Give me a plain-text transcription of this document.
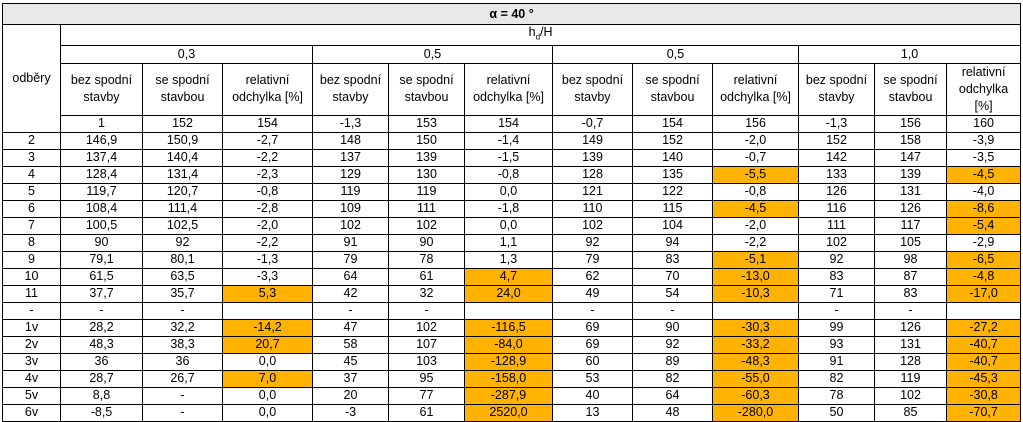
α = 40 °													
odběry	$h_d/H$												
	0,3			0,5			0,5			1,0			
	bez spodní stavby	se spodní stavbou	relativní odchylka [%]	bez spodní stavby	se spodní stavbou	relativní odchylka [%]	bez spodní stavby	se spodní stavbou	relativní odchylka [%]	bez spodní stavby	se spodní stavbou	relativní odchylka [%]	
	1	152	154	-1,3	153	154	-0,7	154	156	-1,3	156	160	
2	146,9	150,9	-2,7	148	150	-1,4	149	152	-2,0	152	158	-3,9	
3	137,4	140,4	-2,2	137	139	-1,5	139	140	-0,7	142	147	-3,5	
4	128,4	131,4	-2,3	129	130	-0,8	128	135	-5,5	133	139	-4,5	
5	119,7	120,7	-0,8	119	119	0,0	121	122	-0,8	126	131	-4,0	
6	108,4	111,4	-2,8	109	111	-1,8	110	115	-4,5	116	126	-8,6	
7	100,5	102,5	-2,0	102	102	0,0	102	104	-2,0	111	117	-5,4	
8	90	92	-2,2	91	90	1,1	92	94	-2,2	102	105	-2,9	
9	79,1	80,1	-1,3	79	78	1,3	79	83	-5,1	92	98	-6,5	
10	61,5	63,5	-3,3	64	61	4,7	62	70	-13,0	83	87	-4,8	
11	37,7	35,7	5,3	42	32	24,0	49	54	-10,3	71	83	-17,0	
-	-	-		-	-		-	-		-	-		
1v	28,2	32,2	-14,2	47	102	-116,5	69	90	-30,3	99	126	-27,2	
2v	48,3	38,3	20,7	58	107	-84,0	69	92	-33,2	93	131	-40,7	
3v	36	36	0,0	45	103	-128,9	60	89	-48,3	91	128	-40,7	
4v	28,7	26,7	7,0	37	95	-158,0	53	82	-55,0	82	119	-45,3	
5v	8,8	-	0,0	20	77	-287,9	40	64	-60,3	78	102	-30,8	
6v	-8,5	-	0,0	-3	61	2520,0	13	48	-280,0	50	85	-70,7	
